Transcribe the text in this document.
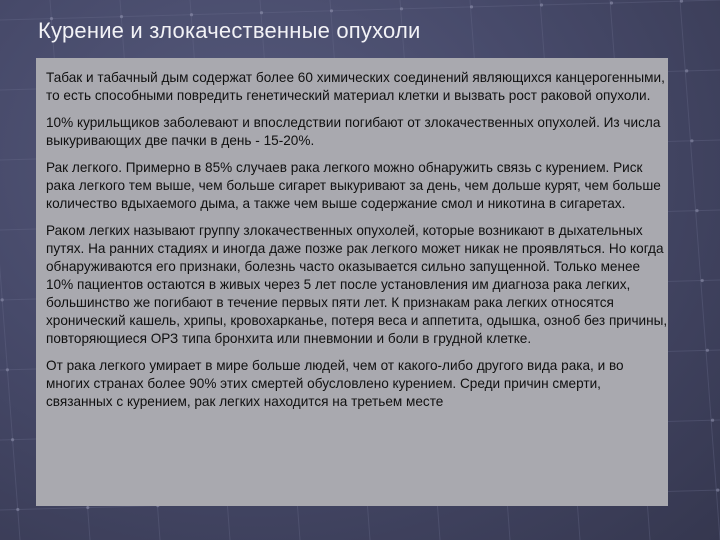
Курение и злокачественные опухоли

Табак и табачный дым содержат более 60 химических соединений являющихся канцерогенными, то есть способными повредить генетический материал клетки и вызвать рост раковой опухоли.

10% курильщиков заболевают и впоследствии погибают от злокачественных опухолей. Из числа выкуривающих две пачки в день - 15-20%.

Рак легкого. Примерно в 85% случаев рака легкого можно обнаружить связь с курением. Риск рака легкого тем выше, чем больше сигарет выкуривают за день, чем дольше курят, чем больше количество вдыхаемого дыма, а также чем выше содержание смол и никотина в сигаретах.

Раком легких называют группу злокачественных опухолей, которые возникают в дыхательных путях. На ранних стадиях и иногда даже позже рак легкого может никак не проявляться. Но когда обнаруживаются его признаки, болезнь часто оказывается сильно запущенной. Только менее 10% пациентов остаются в живых через 5 лет после установления им диагноза рака легких, большинство же погибают в течение первых пяти лет. К признакам рака легких относятся хронический кашель, хрипы, кровохарканье, потеря веса и аппетита, одышка, озноб без причины, повторяющиеся ОРЗ типа бронхита или пневмонии и боли в грудной клетке.

От рака легкого умирает в мире больше людей, чем от какого-либо другого вида рака, и во многих странах более 90% этих смертей обусловлено курением. Среди причин смерти, связанных с курением, рак легких находится на третьем месте
